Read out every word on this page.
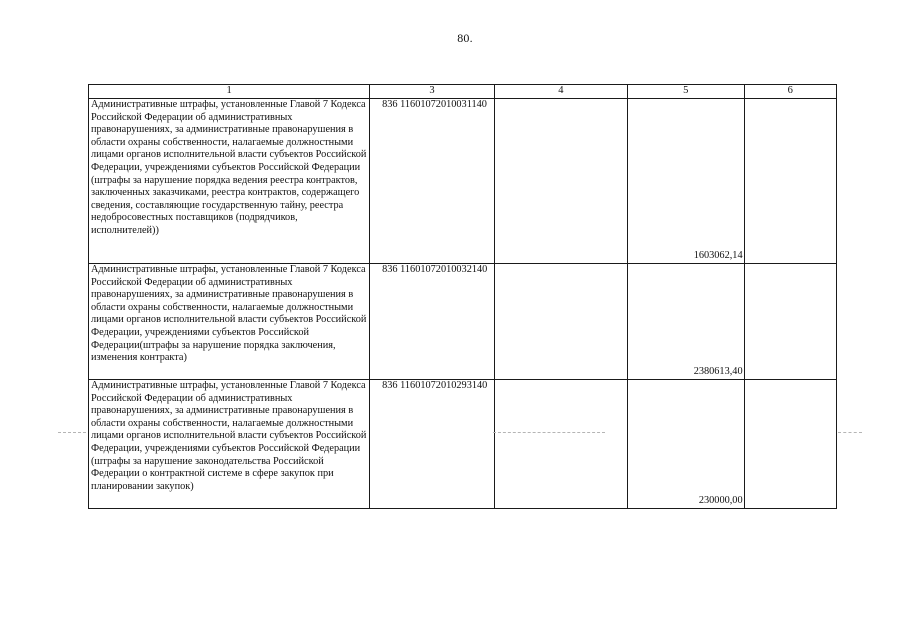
80.
1	3	4	5	6
Административные штрафы, установленные Главой 7 Кодекса Российской Федерации об административных правонарушениях, за административные правонарушения в области охраны собственности, налагаемые должностными лицами органов исполнительной власти субъектов Российской Федерации, учреждениями субъектов Российской Федерации (штрафы за нарушение порядка ведения реестра контрактов, заключенных заказчиками, реестра контрактов, содержащего сведения, составляющие государственную тайну, реестра недобросовестных поставщиков (подрядчиков, исполнителей))	836 11601072010031140		1603062,14	
Административные штрафы, установленные Главой 7 Кодекса Российской Федерации об административных правонарушениях, за административные правонарушения в области охраны собственности, налагаемые должностными лицами органов исполнительной власти субъектов Российской Федерации, учреждениями субъектов Российской Федерации(штрафы за нарушение порядка заключения, изменения контракта)	836 11601072010032140		2380613,40	
Административные штрафы, установленные Главой 7 Кодекса Российской Федерации об административных правонарушениях, за административные правонарушения в области охраны собственности, налагаемые должностными лицами органов исполнительной власти субъектов Российской Федерации, учреждениями субъектов Российской Федерации (штрафы за нарушение законодательства Российской Федерации о контрактной системе в сфере закупок при планировании закупок)	836 11601072010293140		230000,00	
